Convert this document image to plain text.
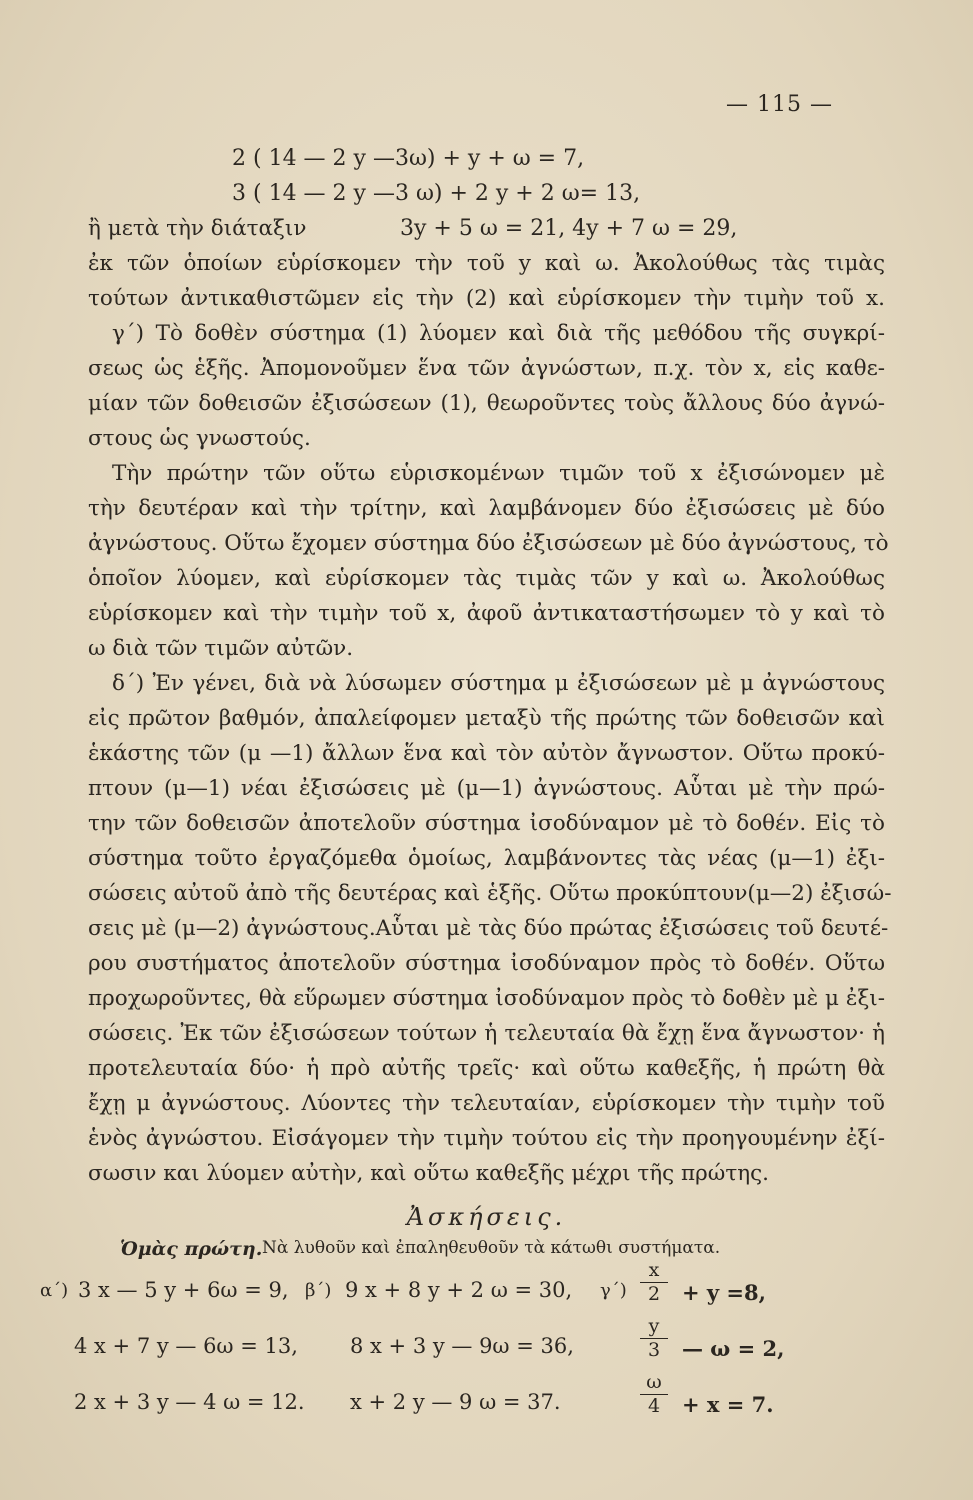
— 115 —
2 ( 14 — 2 y —3ω) + y + ω = 7,
3 ( 14 — 2 y —3 ω) + 2 y + 2 ω= 13,
ἢ μετὰ τὴν διάταξιν	3y + 5 ω = 21, 4y + 7 ω = 29,
ἐκ τῶν ὁποίων εὑρίσκομεν τὴν τοῦ y καὶ ω. Ἀκολούθως τὰς τιμὰς
τούτων ἀντικαθιστῶμεν εἰς τὴν (2) καὶ εὑρίσκομεν τὴν τιμὴν τοῦ x.
γ΄) Τὸ δοθὲν σύστημα (1) λύομεν καὶ διὰ τῆς μεθόδου τῆς συγκρί-
σεως ὡς ἑξῆς. Ἀπομονοῦμεν ἕνα τῶν ἀγνώστων, π.χ. τὸν x, εἰς καθε-
μίαν τῶν δοθεισῶν ἐξισώσεων (1), θεωροῦντες τοὺς ἄλλους δύο ἀγνώ-
στους ὡς γνωστούς.
Τὴν πρώτην τῶν οὕτω εὑρισκομένων τιμῶν τοῦ x ἐξισώνομεν μὲ
τὴν δευτέραν καὶ τὴν τρίτην, καὶ λαμβάνομεν δύο ἐξισώσεις μὲ δύο
ἀγνώστους. Οὕτω ἔχομεν σύστημα δύο ἐξισώσεων μὲ δύο ἀγνώστους, τὸ
ὁποῖον λύομεν, καὶ εὑρίσκομεν τὰς τιμὰς τῶν y καὶ ω. Ἀκολούθως
εὑρίσκομεν καὶ τὴν τιμὴν τοῦ x, ἀφοῦ ἀντικαταστήσωμεν τὸ y καὶ τὸ
ω διὰ τῶν τιμῶν αὐτῶν.
δ΄) Ἐν γένει, διὰ νὰ λύσωμεν σύστημα μ ἐξισώσεων μὲ μ ἀγνώστους
εἰς πρῶτον βαθμόν, ἀπαλείφομεν μεταξὺ τῆς πρώτης τῶν δοθεισῶν καὶ
ἑκάστης τῶν (μ —1) ἄλλων ἕνα καὶ τὸν αὐτὸν ἄγνωστον. Οὕτω προκύ-
πτουν (μ—1) νέαι ἐξισώσεις μὲ (μ—1) ἀγνώστους. Αὗται μὲ τὴν πρώ-
την τῶν δοθεισῶν ἀποτελοῦν σύστημα ἰσοδύναμον μὲ τὸ δοθέν. Εἰς τὸ
σύστημα τοῦτο ἐργαζόμεθα ὁμοίως, λαμβάνοντες τὰς νέας (μ—1) ἐξι-
σώσεις αὐτοῦ ἀπὸ τῆς δευτέρας καὶ ἑξῆς. Οὕτω προκύπτουν(μ—2) ἐξισώ-
σεις μὲ (μ—2) ἀγνώστους.Αὗται μὲ τὰς δύο πρώτας ἐξισώσεις τοῦ δευτέ-
ρου συστήματος ἀποτελοῦν σύστημα ἰσοδύναμον πρὸς τὸ δοθέν. Οὕτω
προχωροῦντες, θὰ εὕρωμεν σύστημα ἰσοδύναμον πρὸς τὸ δοθὲν μὲ μ ἐξι-
σώσεις. Ἐκ τῶν ἐξισώσεων τούτων ἡ τελευταία θὰ ἔχῃ ἕνα ἄγνωστον· ἡ
προτελευταία δύο· ἡ πρὸ αὐτῆς τρεῖς· καὶ οὕτω καθεξῆς, ἡ πρώτη θὰ
ἔχῃ μ ἀγνώστους. Λύοντες τὴν τελευταίαν, εὑρίσκομεν τὴν τιμὴν τοῦ
ἑνὸς ἀγνώστου. Εἰσάγομεν τὴν τιμὴν τούτου εἰς τὴν προηγουμένην ἐξί-
σωσιν και λύομεν αὐτὴν, καὶ οὕτω καθεξῆς μέχρι τῆς πρώτης.
Ἀσκήσεις.
Ὁμὰς πρώτη. Νὰ λυθοῦν καὶ ἐπαληθευθοῦν τὰ κάτωθι συστήματα.
α΄) 3 x — 5 y + 6ω = 9,
4 x + 7 y — 6ω = 13,
2 x + 3 y — 4 ω = 12.
β΄) 9 x + 8 y + 2 ω = 30,
8 x + 3 y — 9ω = 36,
x + 2 y — 9 ω = 37.
γ΄)
x
2	+ y =8,
y
3	— ω = 2,
ω
4	+ x = 7.
